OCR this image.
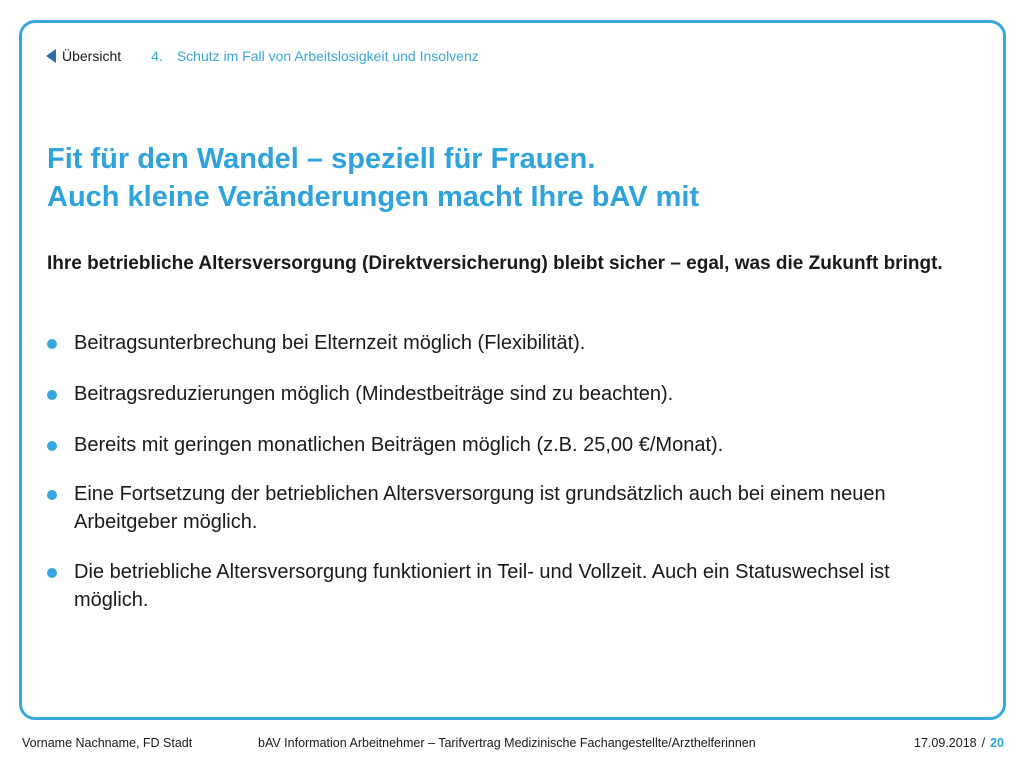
Übersicht 4. Schutz im Fall von Arbeitslosigkeit und Insolvenz
Fit für den Wandel – speziell für Frauen.
Auch kleine Veränderungen macht Ihre bAV mit

Ihre betriebliche Altersversorgung (Direktversicherung) bleibt sicher – egal, was die Zukunft bringt.

Beitragsunterbrechung bei Elternzeit möglich (Flexibilität).
Beitragsreduzierungen möglich (Mindestbeiträge sind zu beachten).
Bereits mit geringen monatlichen Beiträgen möglich (z.B. 25,00 €/Monat).
Eine Fortsetzung der betrieblichen Altersversorgung ist grundsätzlich auch bei einem neuen Arbeitgeber möglich.
Die betriebliche Altersversorgung funktioniert in Teil- und Vollzeit. Auch ein Statuswechsel ist möglich.
Vorname Nachname, FD Stadt	bAV Information Arbeitnehmer – Tarifvertrag Medizinische Fachangestellte/Arzthelferinnen	17.09.2018 / 20
